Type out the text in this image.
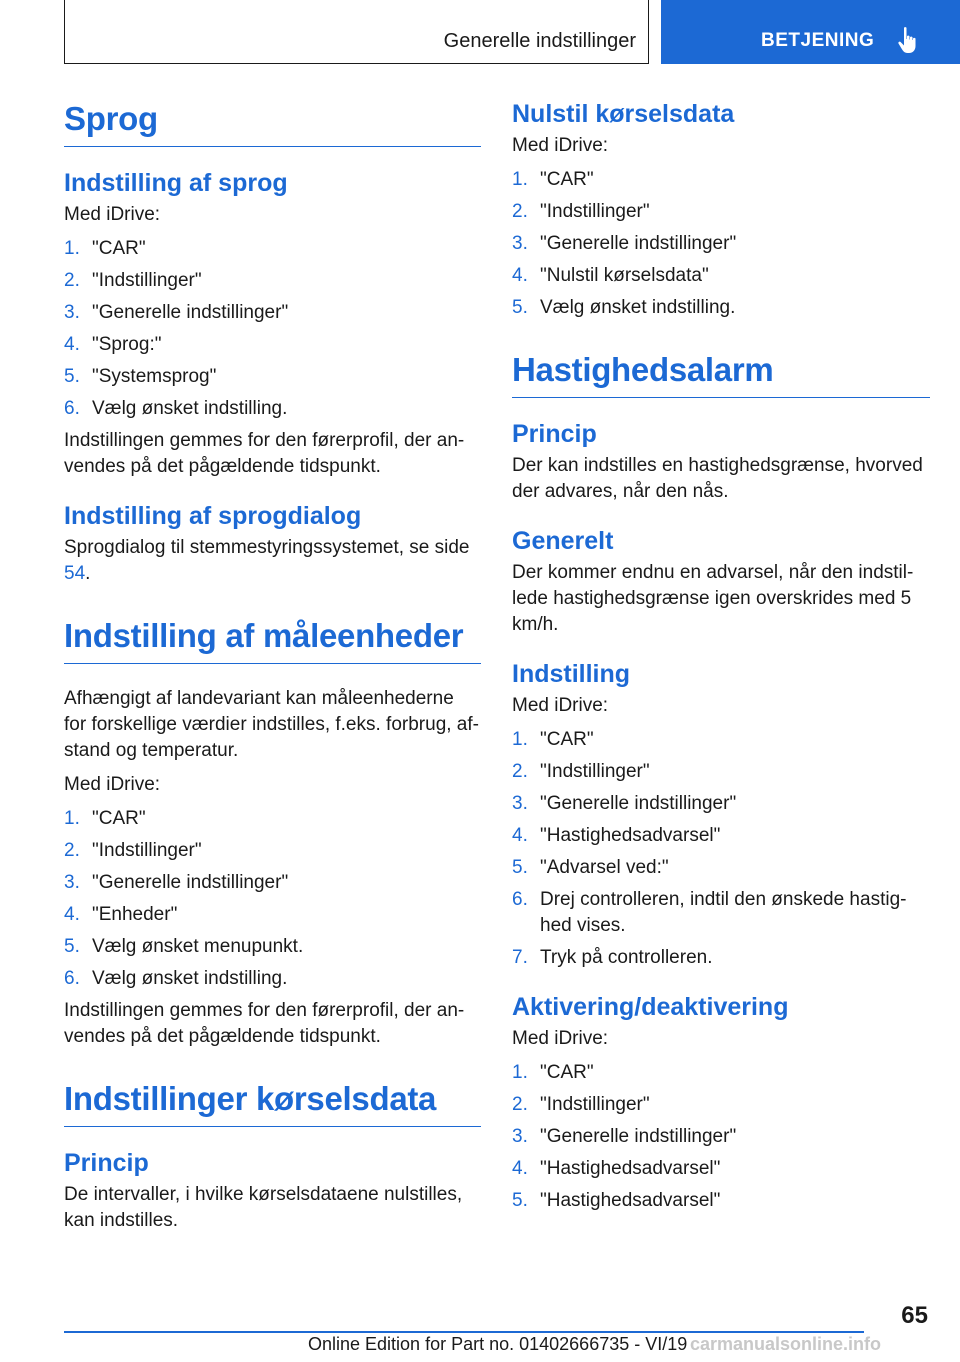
Generelle indstillinger	BETJENING
Sprog
Indstilling af sprog
Med iDrive:
1. "CAR"
2. "Indstillinger"
3. "Generelle indstillinger"
4. "Sprog:"
5. "Systemsprog"
6. Vælg ønsket indstilling.
Indstillingen gemmes for den førerprofil, der an‐ vendes på det pågældende tidspunkt.
Indstilling af sprogdialog
Sprogdialog til stemmestyringssystemet, se side 54.
Indstilling af måleenheder
Afhængigt af landevariant kan måleenhederne for forskellige værdier indstilles, f.eks. forbrug, af‐ stand og temperatur.
Med iDrive:
1. "CAR"
2. "Indstillinger"
3. "Generelle indstillinger"
4. "Enheder"
5. Vælg ønsket menupunkt.
6. Vælg ønsket indstilling.
Indstillingen gemmes for den førerprofil, der an‐ vendes på det pågældende tidspunkt.
Indstillinger kørselsdata
Princip
De intervaller, i hvilke kørselsdataene nulstilles, kan indstilles.
Nulstil kørselsdata
Med iDrive:
1. "CAR"
2. "Indstillinger"
3. "Generelle indstillinger"
4. "Nulstil kørselsdata"
5. Vælg ønsket indstilling.
Hastighedsalarm
Princip
Der kan indstilles en hastighedsgrænse, hvorved der advares, når den nås.
Generelt
Der kommer endnu en advarsel, når den indstil‐ lede hastighedsgrænse igen overskrides med 5 km/h.
Indstilling
Med iDrive:
1. "CAR"
2. "Indstillinger"
3. "Generelle indstillinger"
4. "Hastighedsadvarsel"
5. "Advarsel ved:"
6. Drej controlleren, indtil den ønskede hastig‐ hed vises.
7. Tryk på controlleren.
Aktivering/deaktivering
Med iDrive:
1. "CAR"
2. "Indstillinger"
3. "Generelle indstillinger"
4. "Hastighedsadvarsel"
5. "Hastighedsadvarsel"
65
Online Edition for Part no. 01402666735 - VI/19 carmanualsonline.info
